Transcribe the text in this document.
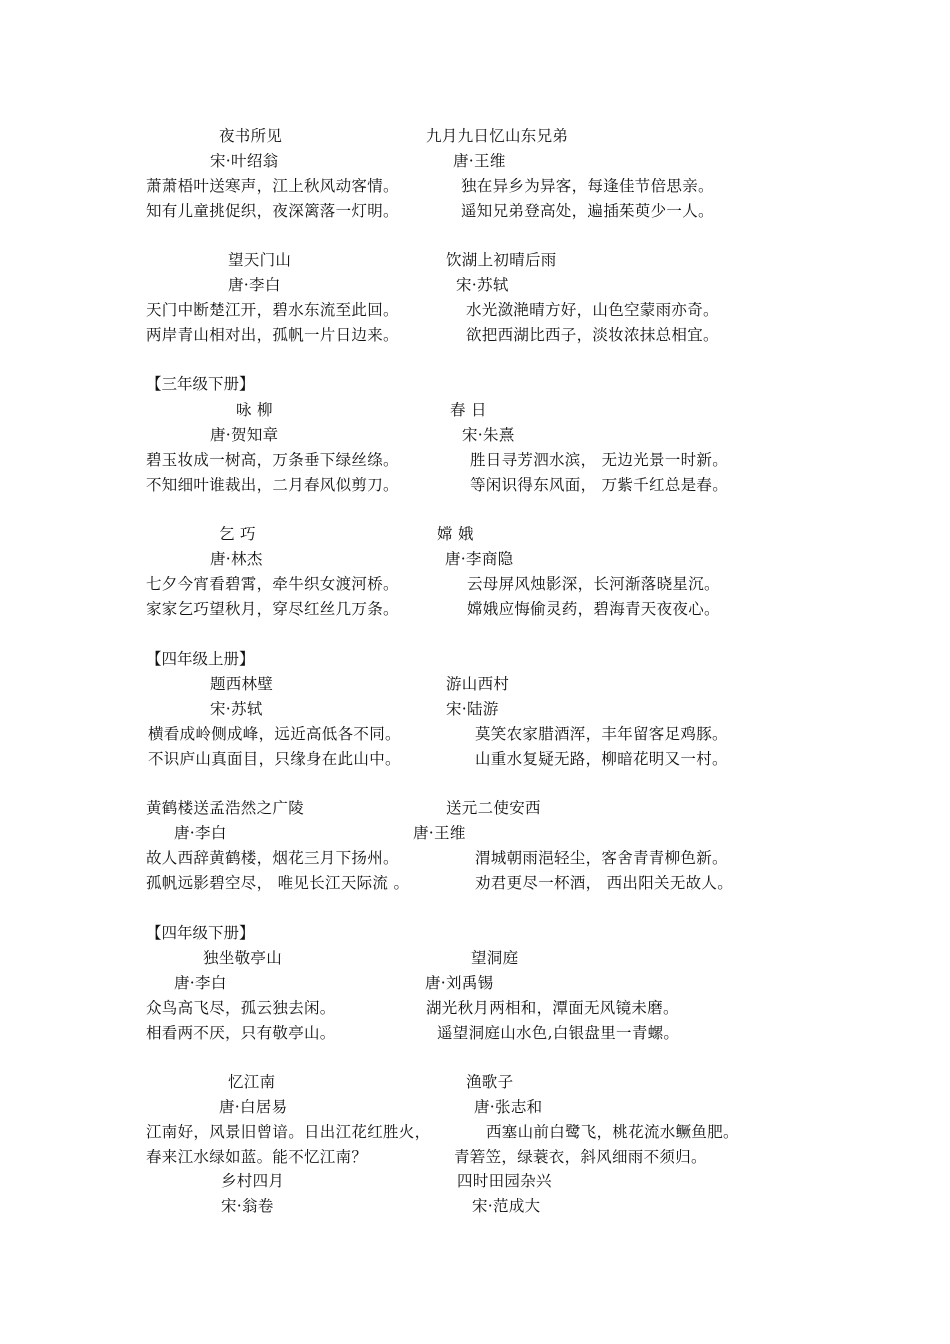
夜书所见
宋·叶绍翁
萧萧梧叶送寒声，江上秋风动客情。
知有儿童挑促织，夜深篱落一灯明。
九月九日忆山东兄弟
唐·王维
独在异乡为异客，每逢佳节倍思亲。
遥知兄弟登高处，遍插茱萸少一人。
望天门山
唐·李白
天门中断楚江开，碧水东流至此回。
两岸青山相对出，孤帆一片日边来。
饮湖上初晴后雨
宋·苏轼
水光潋滟晴方好，山色空蒙雨亦奇。
欲把西湖比西子，淡妆浓抹总相宜。
【三年级下册】
咏 柳
唐·贺知章
碧玉妆成一树高，万条垂下绿丝绦。
不知细叶谁裁出，二月春风似剪刀。
春 日
宋·朱熹
胜日寻芳泗水滨， 无边光景一时新。
等闲识得东风面， 万紫千红总是春。
乞 巧
唐·林杰
七夕今宵看碧霄，牵牛织女渡河桥。
家家乞巧望秋月，穿尽红丝几万条。
嫦 娥
唐·李商隐
云母屏风烛影深，长河渐落晓星沉。
嫦娥应悔偷灵药，碧海青天夜夜心。
【四年级上册】
题西林壁
宋·苏轼
横看成岭侧成峰，远近高低各不同。
不识庐山真面目，只缘身在此山中。
游山西村
宋·陆游
莫笑农家腊酒浑，丰年留客足鸡豚。
山重水复疑无路，柳暗花明又一村。
黄鹤楼送孟浩然之广陵
唐·李白
故人西辞黄鹤楼，烟花三月下扬州。
孤帆远影碧空尽， 唯见长江天际流 。
送元二使安西
唐·王维
渭城朝雨浥轻尘，客舍青青柳色新。
劝君更尽一杯酒， 西出阳关无故人。
【四年级下册】
独坐敬亭山
唐·李白
众鸟高飞尽，孤云独去闲。
相看两不厌，只有敬亭山。
望洞庭
唐·刘禹锡
湖光秋月两相和，潭面无风镜未磨。
遥望洞庭山水色,白银盘里一青螺。
忆江南
唐·白居易
江南好，风景旧曾谙。日出江花红胜火，
春来江水绿如蓝。能不忆江南？
渔歌子
唐·张志和
西塞山前白鹭飞，桃花流水鳜鱼肥。
青箬笠，绿蓑衣，斜风细雨不须归。
乡村四月
宋·翁卷
四时田园杂兴
宋·范成大
